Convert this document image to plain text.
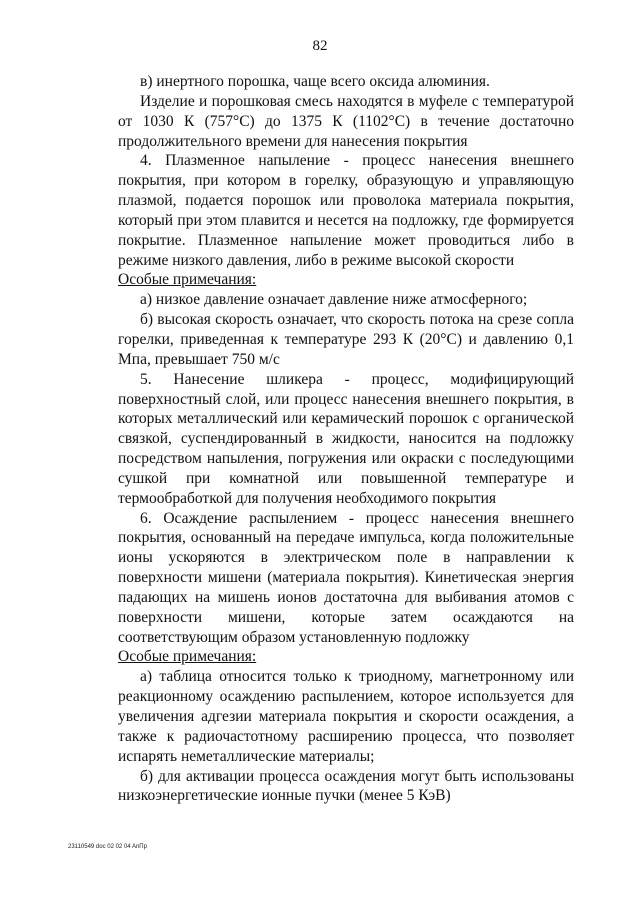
82

в) инертного порошка, чаще всего оксида алюминия.

Изделие и порошковая смесь находятся в муфеле с температурой от 1030 К (757°С) до 1375 К (1102°С) в течение достаточно продолжительного времени для нанесения покрытия

4. Плазменное напыление - процесс нанесения внешнего покрытия, при котором в горелку, образующую и управляющую плазмой, подается порошок или проволока материала покрытия, который при этом плавится и несется на подложку, где формируется покрытие. Плазменное напыление может проводиться либо в режиме низкого давления, либо в режиме высокой скорости

Особые примечания:

а) низкое давление означает давление ниже атмосферного;

б) высокая скорость означает, что скорость потока на срезе сопла горелки, приведенная к температуре 293 К (20°С) и давлению 0,1 Мпа, превышает 750 м/с

5. Нанесение шликера - процесс, модифицирующий поверхностный слой, или процесс нанесения внешнего покрытия, в которых металлический или керамический порошок с органической связкой, суспендированный в жидкости, наносится на подложку посредством напыления, погружения или окраски с последующими сушкой при комнатной или повышенной температуре и термообработкой для получения необходимого покрытия

6. Осаждение распылением - процесс нанесения внешнего покрытия, основанный на передаче импульса, когда положительные ионы ускоряются в электрическом поле в направлении к поверхности мишени (материала покрытия). Кинетическая энергия падающих на мишень ионов достаточна для выбивания атомов с поверхности мишени, которые затем осаждаются на соответствующим образом установленную подложку

Особые примечания:

а) таблица относится только к триодному, магнетронному или реакционному осаждению распылением, которое используется для увеличения адгезии материала покрытия и скорости осаждения, а также к радиочастотному расширению процесса, что позволяет испарять неметаллические материалы;

б) для активации процесса осаждения могут быть использованы низкоэнергетические ионные пучки (менее 5 КэВ)

23110549 doc 02 02 04 AnПр
